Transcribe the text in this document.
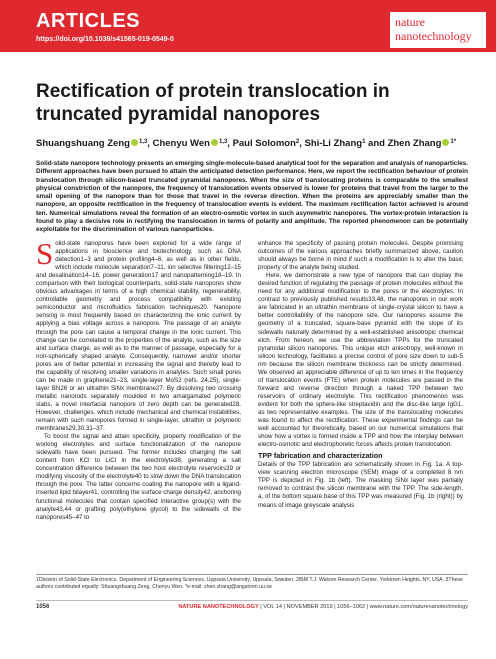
ARTICLES
https://doi.org/10.1038/s41565-019-0549-0
nature
nanotechnology
Rectification of protein translocation in truncated pyramidal nanopores
Shuangshuang Zeng $^{1,3}$, Chenyu Wen $^{1,3}$, Paul Solomon$^2$, Shi-Li Zhang$^1$ and Zhen Zhang $^{1*}$

Solid-state nanopore technology presents an emerging single-molecule-based analytical tool for the separation and analysis of nanoparticles. Different approaches have been pursued to attain the anticipated detection performance. Here, we report the rectification behaviour of protein translocation through silicon-based truncated pyramidal nanopores. When the size of translocating proteins is comparable to the smallest physical constriction of the nanopore, the frequency of translocation events observed is lower for proteins that travel from the larger to the small opening of the nanopore than for those that travel in the reverse direction. When the proteins are appreciably smaller than the nanopore, an opposite rectification in the frequency of translocation events is evident. The maximum rectification factor achieved is around ten. Numerical simulations reveal the formation of an electro-osmotic vortex in such asymmetric nanopores. The vortex-protein interaction is found to play a decisive role in rectifying the translocation in terms of polarity and amplitude. The reported phenomenon can be potentially exploitable for the discrimination of various nanoparticles.

Solid-state nanopores have been explored for a wide range of applications in bioscience and biotechnology, such as DNA detection1–3 and protein profiling4–6, as well as in other fields, which include molecule separation7–11, ion selective filtering12–15 and desalination14–16, power generation17 and nanopatterning18–19. In comparison with their biological counterparts, solid-state nanopores show obvious advantages in terms of a high chemical stability, regenerability, controllable geometry and process compatibility with existing semiconductor and microfluidics fabrication techniques20. Nanopore sensing is most frequently based on characterizing the ionic current by applying a bias voltage across a nanopore. The passage of an analyte through the pore can cause a temporal change in the ionic current. This change can be correlated to the properties of the analyte, such as the size and surface charge, as well as to the manner of passage, especially for a non-spherically shaped analyte. Consequently, narrower and/or shorter pores are of better potential in increasing the signal and thereby lead to the capability of resolving smaller variations in analytes. Such small pores can be made in graphene21–23, single-layer MoS2 (refs. 24,25), single-layer BN26 or an ultrathin SiNx membrane27. By dissolving two crossing metallic nanorods separately moulded in two amalgamated polymeric slabs, a novel interfacial nanopore of zero depth can be generated28. However, challenges, which include mechanical and chemical instabilities, remain with such nanopores formed in single-layer, ultrathin or polymeric membranes29,30,31–37.

To boost the signal and attain specificity, property modification of the working electrolytes and surface functionalization of the nanopore sidewalls have been pursued. The former includes changing the salt content from KCl to LiCl in the electrolyte38, generating a salt concentration difference between the two host electrolyte reservoirs39 or modifying viscosity of the electrolyte40 to slow down the DNA translocation through the pore. The latter concerns coating the nanopore with a ligand-inserted lipid bilayer41, controlling the surface charge density42, anchoring functional molecules that contain specified interactive group(s) with the analyte43,44 or grafting poly(ethylene glycol) to the sidewalls of the nanopores45–47 to

enhance the specificity of passing protein molecules. Despite promising outcomes of the various approaches briefly summarized above, caution should always be borne in mind if such a modification is to alter the basic property of the analyte being studied.

Here, we demonstrate a new type of nanopore that can display the desired function of regulating the passage of protein molecules without the need for any additional modification to the pores or the electrolytes. In contrast to previously published results33,48, the nanopores in our work are fabricated in an ultrathin membrane of single-crystal silicon to have a better controllability of the nanopore size. Our nanopores assume the geometry of a truncated, square-base pyramid with the slope of its sidewalls naturally determined by a well-established anisotropic chemical etch. From hereon, we use the abbreviation TPPs for the truncated pyramidal silicon nanopores. This unique etch anisotropy, well-known in silicon technology, facilitates a precise control of pore size down to sub-5 nm because the silicon membrane thickness can be strictly determined. We observed an appreciable difference of up to ten times in the frequency of translocation events (FTE) when protein molecules are passed in the forward and reverse direction through a naked TPP between two reservoirs of ordinary electrolyte. This rectification phenomenon was evident for both the sphere-like streptavidin and the disc-like large IgG1, as two representative examples. The size of the translocating molecules was found to affect the rectification. These experimental findings can be well accounted for theoretically, based on our numerical simulations that show how a vortex is formed inside a TPP and how the interplay between electro-osmotic and electrophoretic forces affects protein translocation.

TPP fabrication and characterization

Details of the TPP fabrication are schematically shown in Fig. 1a. A top-view scanning electron microscope (SEM) image of a completed 8 nm TPP is depicted in Fig. 1b (left). The masking SiNx layer was partially removed to contrast the silicon membrane with the TPP. The side-length, a, of the bottom square base of this TPP was measured (Fig. 1b (right)) by means of image greyscale analysis

1Division of Solid-State Electronics, Department of Engineering Sciences, Uppsala University, Uppsala, Sweden. 2IBM T.J. Watson Research Center, Yorktown Heights, NY, USA. 3These authors contributed equally: Shuangshuang Zeng, Chenyu Wen. *e-mail: zhen.zhang@angstrom.uu.se

1056	NATURE NANOTECHNOLOGY | VOL 14 | NOVEMBER 2019 | 1056–1062 | www.nature.com/naturenanotechnology
